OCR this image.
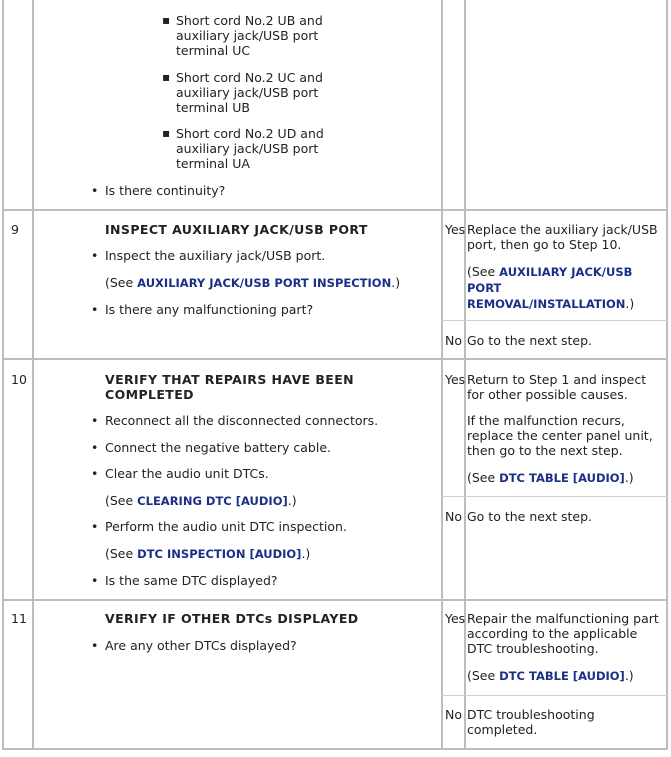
▪ Short cord No.2 UB and
auxiliary jack/USB port
terminal UC
▪ Short cord No.2 UC and
auxiliary jack/USB port
terminal UB
▪ Short cord No.2 UD and
auxiliary jack/USB port
terminal UA
• Is there continuity?
9	INSPECT AUXILIARY JACK/USB PORT
• Inspect the auxiliary jack/USB port.
(See AUXILIARY JACK/USB PORT INSPECTION.)
• Is there any malfunctioning part?
Yes Replace the auxiliary jack/USB
port, then go to Step 10.
(See AUXILIARY JACK/USB
PORT
REMOVAL/INSTALLATION.)
No Go to the next step.
10	VERIFY THAT REPAIRS HAVE BEEN
COMPLETED
• Reconnect all the disconnected connectors.
• Connect the negative battery cable.
• Clear the audio unit DTCs.
(See CLEARING DTC [AUDIO].)
• Perform the audio unit DTC inspection.
(See DTC INSPECTION [AUDIO].)
• Is the same DTC displayed?
Yes Return to Step 1 and inspect
for other possible causes.
If the malfunction recurs,
replace the center panel unit,
then go to the next step.
(See DTC TABLE [AUDIO].)
No Go to the next step.
11	VERIFY IF OTHER DTCs DISPLAYED
• Are any other DTCs displayed?
Yes Repair the malfunctioning part
according to the applicable
DTC troubleshooting.
(See DTC TABLE [AUDIO].)
No DTC troubleshooting
completed.
